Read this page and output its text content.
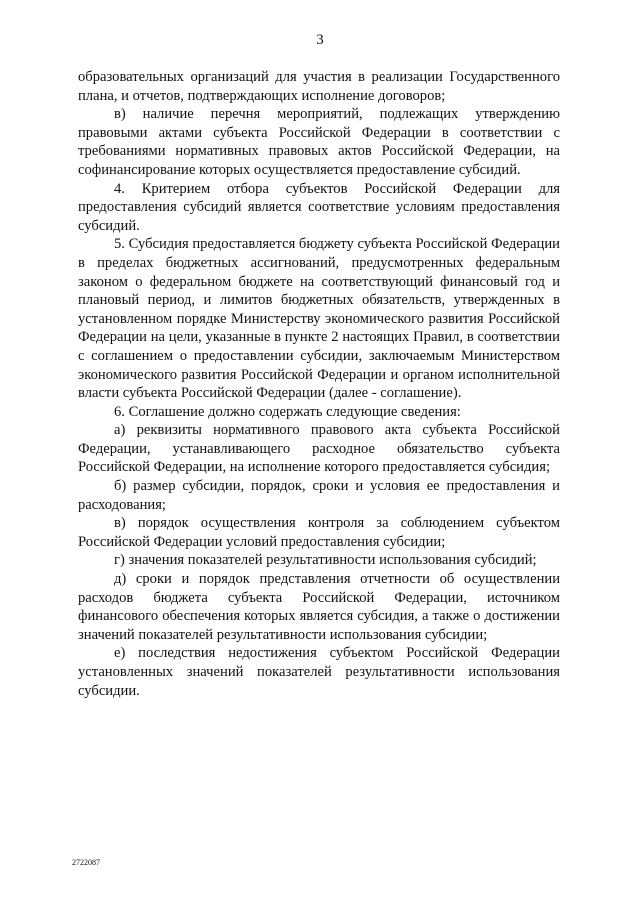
3

образовательных организаций для участия в реализации Государственного плана, и отчетов, подтверждающих исполнение договоров;

в) наличие перечня мероприятий, подлежащих утверждению правовыми актами субъекта Российской Федерации в соответствии с требованиями нормативных правовых актов Российской Федерации, на софинансирование которых осуществляется предоставление субсидий.

4. Критерием отбора субъектов Российской Федерации для предоставления субсидий является соответствие условиям предоставления субсидий.

5. Субсидия предоставляется бюджету субъекта Российской Федерации в пределах бюджетных ассигнований, предусмотренных федеральным законом о федеральном бюджете на соответствующий финансовый год и плановый период, и лимитов бюджетных обязательств, утвержденных в установленном порядке Министерству экономического развития Российской Федерации на цели, указанные в пункте 2 настоящих Правил, в соответствии с соглашением о предоставлении субсидии, заключаемым Министерством экономического развития Российской Федерации и органом исполнительной власти субъекта Российской Федерации (далее - соглашение).

6. Соглашение должно содержать следующие сведения:

а) реквизиты нормативного правового акта субъекта Российской Федерации, устанавливающего расходное обязательство субъекта Российской Федерации, на исполнение которого предоставляется субсидия;

б) размер субсидии, порядок, сроки и условия ее предоставления и расходования;

в) порядок осуществления контроля за соблюдением субъектом Российской Федерации условий предоставления субсидии;

г) значения показателей результативности использования субсидий;

д) сроки и порядок представления отчетности об осуществлении расходов бюджета субъекта Российской Федерации, источником финансового обеспечения которых является субсидия, а также о достижении значений показателей результативности использования субсидии;

е) последствия недостижения субъектом Российской Федерации установленных значений показателей результативности использования субсидии.

2722087
